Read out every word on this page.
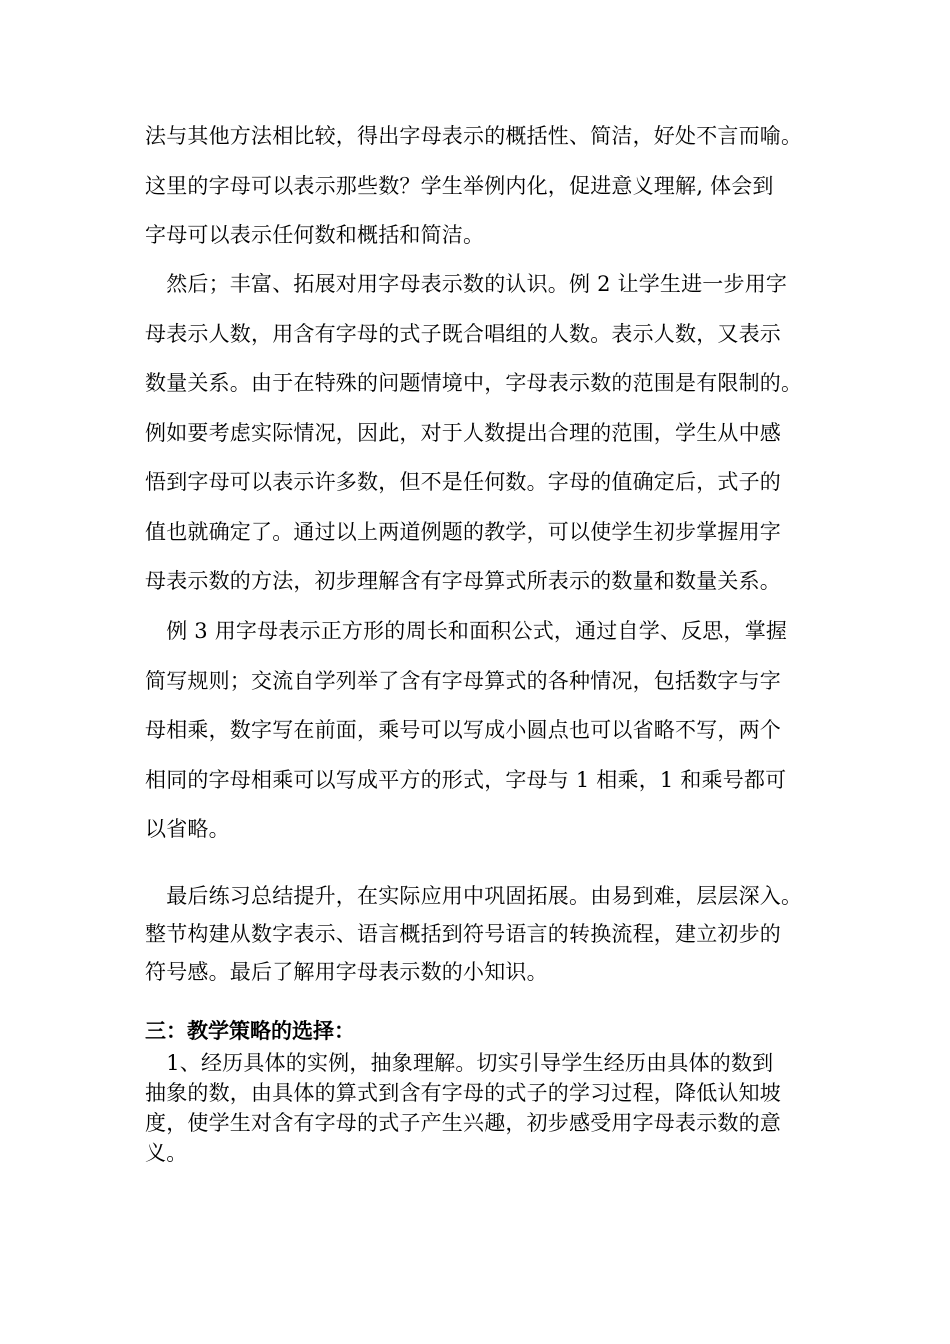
法与其他方法相比较，得出字母表示的概括性、简洁，好处不言而喻。
这里的字母可以表示那些数？学生举例内化，促进意义理解, 体会到
字母可以表示任何数和概括和简洁。
　然后；丰富、拓展对用字母表示数的认识。例 2 让学生进一步用字
母表示人数，用含有字母的式子既合唱组的人数。表示人数，又表示
数量关系。由于在特殊的问题情境中，字母表示数的范围是有限制的。
例如要考虑实际情况，因此，对于人数提出合理的范围，学生从中感
悟到字母可以表示许多数，但不是任何数。字母的值确定后，式子的
值也就确定了。通过以上两道例题的教学，可以使学生初步掌握用字
母表示数的方法，初步理解含有字母算式所表示的数量和数量关系。
　例 3 用字母表示正方形的周长和面积公式，通过自学、反思，掌握
简写规则；交流自学列举了含有字母算式的各种情况，包括数字与字
母相乘，数字写在前面，乘号可以写成小圆点也可以省略不写，两个
相同的字母相乘可以写成平方的形式，字母与 1 相乘，1 和乘号都可
以省略。
　最后练习总结提升，在实际应用中巩固拓展。由易到难，层层深入。
整节构建从数字表示、语言概括到符号语言的转换流程，建立初步的
符号感。最后了解用字母表示数的小知识。
三：教学策略的选择：
　1、经历具体的实例，抽象理解。切实引导学生经历由具体的数到
抽象的数，由具体的算式到含有字母的式子的学习过程，降低认知坡
度，使学生对含有字母的式子产生兴趣，初步感受用字母表示数的意
义。
